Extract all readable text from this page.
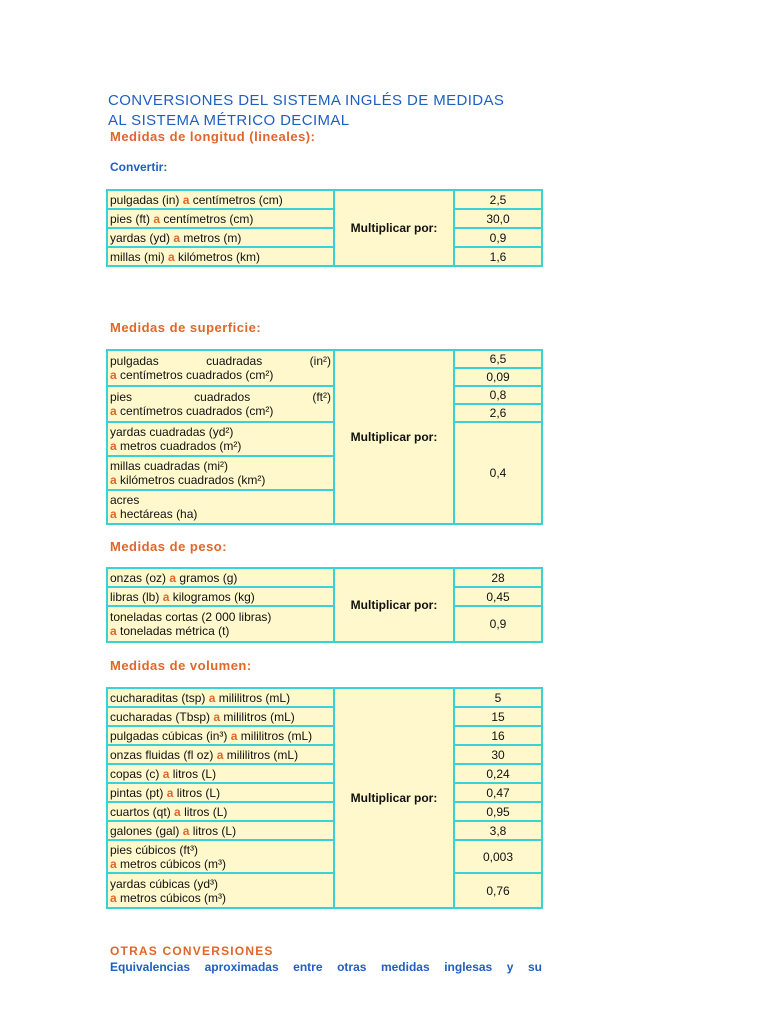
CONVERSIONES DEL SISTEMA INGLÉS DE MEDIDAS AL SISTEMA MÉTRICO DECIMAL
Medidas de longitud (lineales):
Convertir:
pulgadas (in) a centímetros (cm)	Multiplicar por:	2,5
pies (ft) a centímetros (cm)		30,0
yardas (yd) a metros (m)		0,9
millas (mi) a kilómetros (km)		1,6
Medidas de superficie:
pulgadas cuadradas (in²)
a centímetros cuadrados (cm²)	Multiplicar por:	6,5
		0,09

pies cuadrados (ft²)
a centímetros cuadrados (cm²)		0,8
		2,6
yardas cuadradas (yd²)
a metros cuadrados (m²)		0,4
millas cuadradas (mi²)
a kilómetros cuadrados (km²)		
acres
a hectáreas (ha)		
Medidas de peso:
onzas (oz) a gramos (g)	Multiplicar por:	28
libras (lb) a kilogramos (kg)		0,45
toneladas cortas (2 000 libras)
a toneladas métrica (t)		0,9
Medidas de volumen:
cucharaditas (tsp) a mililitros (mL)	Multiplicar por:	5
cucharadas (Tbsp) a mililitros (mL)		15
pulgadas cúbicas (in³) a mililitros (mL)		16
onzas fluidas (fl oz) a mililitros (mL)		30
copas (c) a litros (L)		0,24
pintas (pt) a litros (L)		0,47
cuartos (qt) a litros (L)		0,95
galones (gal) a litros (L)		3,8
pies cúbicos (ft³)
a metros cúbicos (m³)		0,003
yardas cúbicas (yd³)
a metros cúbicos (m³)		0,76
OTRAS CONVERSIONES

Equivalencias aproximadas entre otras medidas inglesas y su
